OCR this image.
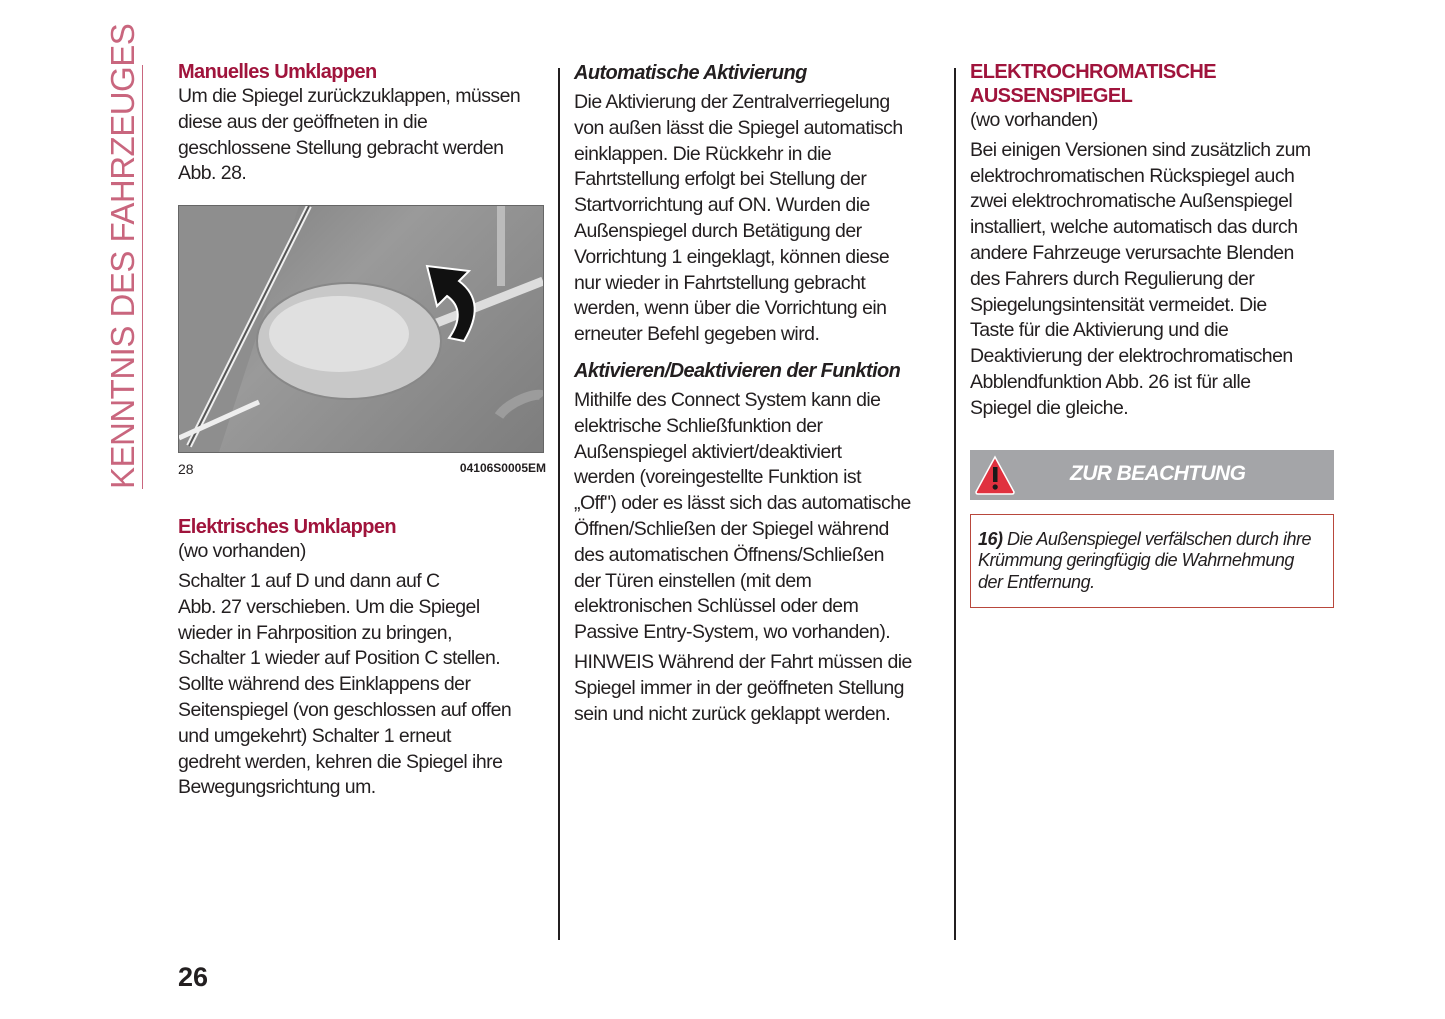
KENNTNIS DES FAHRZEUGES Manuelles Umklappen

Um die Spiegel zurückzuklappen, müssen
diese aus der geöffneten in die
geschlossene Stellung gebracht werden
Abb. 28.

28	04106S0005EM
Elektrisches Umklappen

(wo vorhanden)

Schalter 1 auf D und dann auf C
Abb. 27 verschieben. Um die Spiegel
wieder in Fahrposition zu bringen,
Schalter 1 wieder auf Position C stellen.
Sollte während des Einklappens der
Seitenspiegel (von geschlossen auf offen
und umgekehrt) Schalter 1 erneut
gedreht werden, kehren die Spiegel ihre
Bewegungsrichtung um.

Automatische Aktivierung

Die Aktivierung der Zentralverriegelung
von außen lässt die Spiegel automatisch
einklappen. Die Rückkehr in die
Fahrtstellung erfolgt bei Stellung der
Startvorrichtung auf ON. Wurden die
Außenspiegel durch Betätigung der
Vorrichtung 1 eingeklagt, können diese
nur wieder in Fahrtstellung gebracht
werden, wenn über die Vorrichtung ein
erneuter Befehl gegeben wird.

Aktivieren/Deaktivieren der Funktion

Mithilfe des Connect System kann die
elektrische Schließfunktion der
Außenspiegel aktiviert/deaktiviert
werden (voreingestellte Funktion ist
„Off") oder es lässt sich das automatische
Öffnen/Schließen der Spiegel während
des automatischen Öffnens/Schließen
der Türen einstellen (mit dem
elektronischen Schlüssel oder dem
Passive Entry-System, wo vorhanden).

HINWEIS Während der Fahrt müssen die
Spiegel immer in der geöffneten Stellung
sein und nicht zurück geklappt werden.

ELEKTROCHROMATISCHE
AUSSENSPIEGEL

(wo vorhanden)

Bei einigen Versionen sind zusätzlich zum
elektrochromatischen Rückspiegel auch
zwei elektrochromatische Außenspiegel
installiert, welche automatisch das durch
andere Fahrzeuge verursachte Blenden
des Fahrers durch Regulierung der
Spiegelungsintensität vermeidet. Die
Taste für die Aktivierung und die
Deaktivierung der elektrochromatischen
Abblendfunktion Abb. 26 ist für alle
Spiegel die gleiche.

ZUR BEACHTUNG
16) Die Außenspiegel verfälschen durch ihre
Krümmung geringfügig die Wahrnehmung
der Entfernung.
26
